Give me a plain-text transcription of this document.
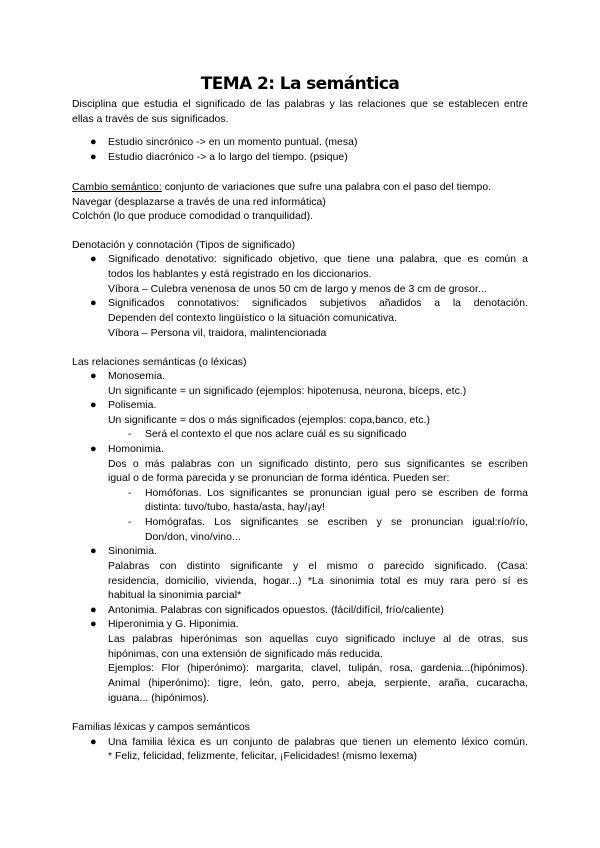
TEMA 2: La semántica
Disciplina que estudia el significado de las palabras y las relaciones que se establecen entre
ellas a través de sus significados.
● Estudio sincrónico -> en un momento puntual. (mesa)
● Estudio diacrónico -> a lo largo del tiempo. (psique)
Cambio semántico: conjunto de variaciones que sufre una palabra con el paso del tiempo.
Navegar (desplazarse a través de una red informática)
Colchón (lo que produce comodidad o tranquilidad).
Denotación y connotación (Tipos de significado)
● Significado denotativo: significado objetivo, que tiene una palabra, que es común a
todos los hablantes y está registrado en los diccionarios.
Víbora – Culebra venenosa de unos 50 cm de largo y menos de 3 cm de grosor...
● Significados connotativos: significados subjetivos añadidos a la denotación.
Dependen del contexto lingüístico o la situación comunicativa.
Víbora – Persona vil, traidora, malintencionada
Las relaciones semánticas (o léxicas)
● Monosemia.
Un significante = un significado (ejemplos: hipotenusa, neurona, bíceps, etc.)
● Polisemia.
Un significante = dos o más significados (ejemplos: copa,banco, etc.)
- Será el contexto el que nos aclare cuál es su significado
● Homonimia.
Dos o más palabras con un significado distinto, pero sus significantes se escriben
igual o de forma parecida y se pronuncian de forma idéntica. Pueden ser:
- Homófonas. Los significantes se pronuncian igual pero se escriben de forma
distinta: tuvo/tubo, hasta/asta, hay/¡ay!
- Homógrafas. Los significantes se escriben y se pronuncian igual:río/río,
Don/don, vino/vino...
● Sinonimia.
Palabras con distinto significante y el mismo o parecido significado. (Casa:
residencia, domicilio, vivienda, hogar...) *La sinonimia total es muy rara pero sí es
habitual la sinonimia parcial*
● Antonimia. Palabras con significados opuestos. (fácil/difícil, frío/caliente)
● Hiperonimia y G. Hiponimia.
Las palabras hiperónimas son aquellas cuyo significado incluye al de otras, sus
hipónimas, con una extensión de significado más reducida.
Ejemplos: Flor (hiperónimo): margarita, clavel, tulipán, rosa, gardenia...(hipónimos).
Animal (hiperónimo): tigre, león, gato, perro, abeja, serpiente, araña, cucaracha,
iguana... (hipónimos).
Familias léxicas y campos semánticos
● Una familia léxica es un conjunto de palabras que tienen un elemento léxico común.
* Feliz, felicidad, felizmente, felicitar, ¡Felicidades! (mismo lexema)
